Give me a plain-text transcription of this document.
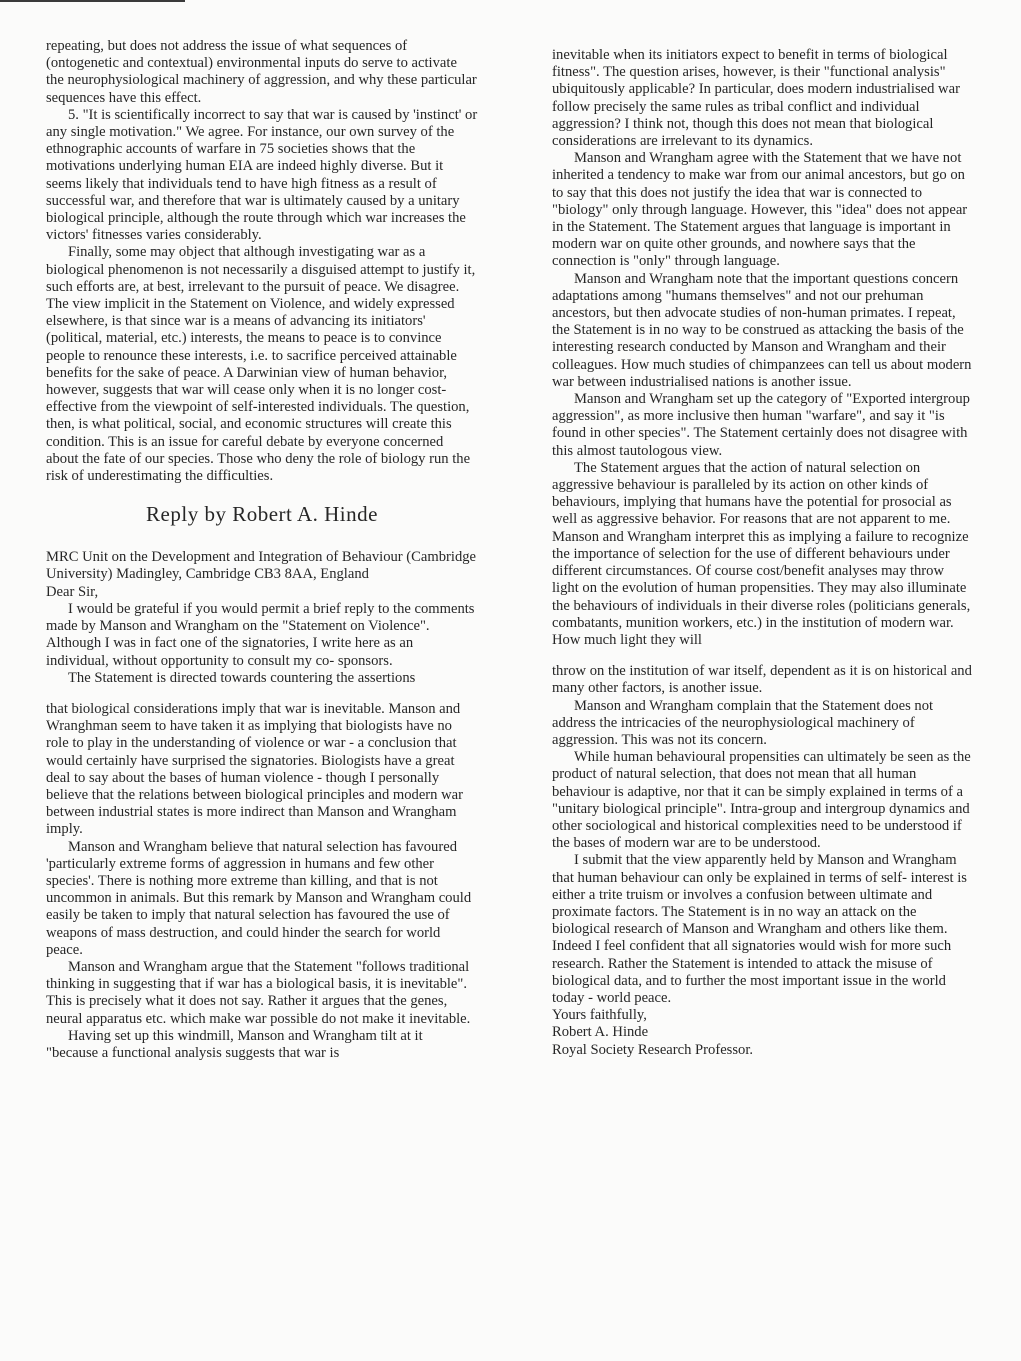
repeating, but does not address the issue of what sequences of (ontogenetic and contextual) environmental inputs do serve to activate the neurophysiological machinery of aggression, and why these particular sequences have this effect.

5. "It is scientifically incorrect to say that war is caused by 'instinct' or any single motivation." We agree. For instance, our own survey of the ethnographic accounts of warfare in 75 societies shows that the motivations underlying human EIA are indeed highly diverse. But it seems likely that individuals tend to have high fitness as a result of successful war, and therefore that war is ultimately caused by a unitary biological principle, although the route through which war increases the victors' fitnesses varies considerably.

Finally, some may object that although investigating war as a biological phenomenon is not necessarily a disguised attempt to justify it, such efforts are, at best, irrelevant to the pursuit of peace. We disagree. The view implicit in the Statement on Violence, and widely expressed elsewhere, is that since war is a means of advancing its initiators' (political, material, etc.) interests, the means to peace is to convince people to renounce these interests, i.e. to sacrifice perceived attainable benefits for the sake of peace. A Darwinian view of human behavior, however, suggests that war will cease only when it is no longer cost-effective from the viewpoint of self-interested individuals. The question, then, is what political, social, and economic structures will create this condition. This is an issue for careful debate by everyone concerned about the fate of our species. Those who deny the role of biology run the risk of underestimating the difficulties.

Reply by Robert A. Hinde

MRC Unit on the Development and Integration of Behaviour (Cambridge University) Madingley, Cambridge CB3 8AA, England

Dear Sir,

I would be grateful if you would permit a brief reply to the comments made by Manson and Wrangham on the "Statement on Violence". Although I was in fact one of the signatories, I write here as an individual, without opportunity to consult my co- sponsors.

The Statement is directed towards countering the assertions

that biological considerations imply that war is inevitable. Manson and Wranghman seem to have taken it as implying that biologists have no role to play in the understanding of violence or war - a conclusion that would certainly have surprised the signatories. Biologists have a great deal to say about the bases of human violence - though I personally believe that the relations between biological principles and modern war between industrial states is more indirect than Manson and Wrangham imply.

Manson and Wrangham believe that natural selection has favoured 'particularly extreme forms of aggression in humans and few other species'. There is nothing more extreme than killing, and that is not uncommon in animals. But this remark by Manson and Wrangham could easily be taken to imply that natural selection has favoured the use of weapons of mass destruction, and could hinder the search for world peace.

Manson and Wrangham argue that the Statement "follows traditional thinking in suggesting that if war has a biological basis, it is inevitable". This is precisely what it does not say. Rather it argues that the genes, neural apparatus etc. which make war possible do not make it inevitable.

Having set up this windmill, Manson and Wrangham tilt at it "because a functional analysis suggests that war is

inevitable when its initiators expect to benefit in terms of biological fitness". The question arises, however, is their "functional analysis" ubiquitously applicable? In particular, does modern industrialised war follow precisely the same rules as tribal conflict and individual aggression? I think not, though this does not mean that biological considerations are irrelevant to its dynamics.

Manson and Wrangham agree with the Statement that we have not inherited a tendency to make war from our animal ancestors, but go on to say that this does not justify the idea that war is connected to "biology" only through language. However, this "idea" does not appear in the Statement. The Statement argues that language is important in modern war on quite other grounds, and nowhere says that the connection is "only" through language.

Manson and Wrangham note that the important questions concern adaptations among "humans themselves" and not our prehuman ancestors, but then advocate studies of non-human primates. I repeat, the Statement is in no way to be construed as attacking the basis of the interesting research conducted by Manson and Wrangham and their colleagues. How much studies of chimpanzees can tell us about modern war between industrialised nations is another issue.

Manson and Wrangham set up the category of "Exported intergroup aggression", as more inclusive then human "warfare", and say it "is found in other species". The Statement certainly does not disagree with this almost tautologous view.

The Statement argues that the action of natural selection on aggressive behaviour is paralleled by its action on other kinds of behaviours, implying that humans have the potential for prosocial as well as aggressive behavior. For reasons that are not apparent to me. Manson and Wrangham interpret this as implying a failure to recognize the importance of selection for the use of different behaviours under different circumstances. Of course cost/benefit analyses may throw light on the evolution of human propensities. They may also illuminate the behaviours of individuals in their diverse roles (politicians generals, combatants, munition workers, etc.) in the institution of modern war. How much light they will

throw on the institution of war itself, dependent as it is on historical and many other factors, is another issue.

Manson and Wrangham complain that the Statement does not address the intricacies of the neurophysiological machinery of aggression. This was not its concern.

While human behavioural propensities can ultimately be seen as the product of natural selection, that does not mean that all human behaviour is adaptive, nor that it can be simply explained in terms of a "unitary biological principle". Intra-group and intergroup dynamics and other sociological and historical complexities need to be understood if the bases of modern war are to be understood.

I submit that the view apparently held by Manson and Wrangham that human behaviour can only be explained in terms of self- interest is either a trite truism or involves a confusion between ultimate and proximate factors. The Statement is in no way an attack on the biological research of Manson and Wrangham and others like them. Indeed I feel confident that all signatories would wish for more such research. Rather the Statement is intended to attack the misuse of biological data, and to further the most important issue in the world today - world peace.

Yours faithfully,

Robert A. Hinde

Royal Society Research Professor.
